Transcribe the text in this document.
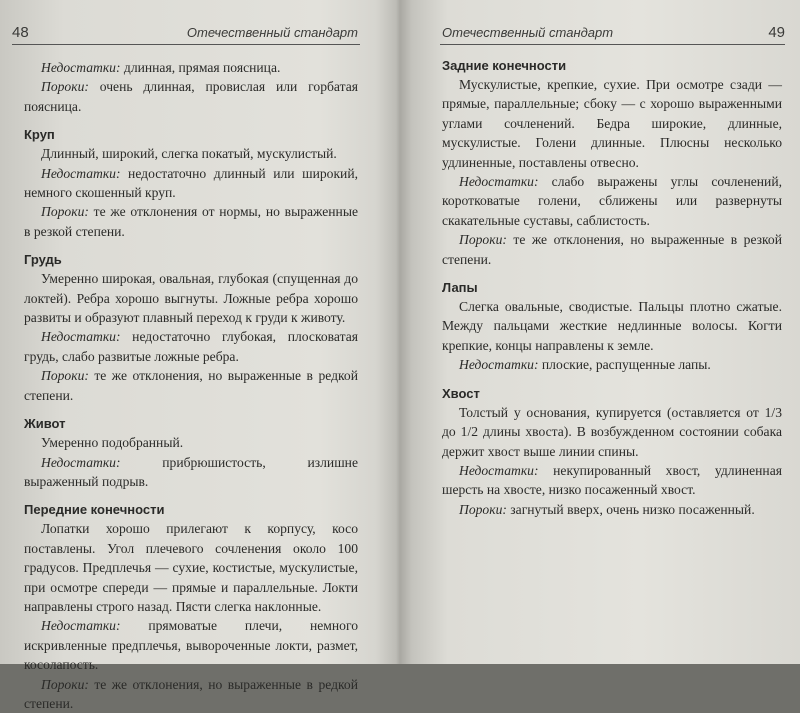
48	Отечественный стандарт

Недостатки: длинная, прямая поясница.

Пороки: очень длинная, провислая или горбатая поясница.

Круп

Длинный, широкий, слегка покатый, мускулистый.

Недостатки: недостаточно длинный или широкий, немного скошенный круп.

Пороки: те же отклонения от нормы, но выраженные в резкой степени.

Грудь

Умеренно широкая, овальная, глубокая (спущенная до локтей). Ребра хорошо выгнуты. Ложные ребра хорошо развиты и образуют плавный переход к груди к животу.

Недостатки: недостаточно глубокая, плосковатая грудь, слабо развитые ложные ребра.

Пороки: те же отклонения, но выраженные в редкой степени.

Живот

Умеренно подобранный.

Недостатки: прибрюшистость, излишне выраженный подрыв.

Передние конечности

Лопатки хорошо прилегают к корпусу, косо поставлены. Угол плечевого сочленения около 100 градусов. Предплечья — сухие, костистые, мускулистые, при осмотре спереди — прямые и параллельные. Локти направлены строго назад. Пясти слегка наклонные.

Недостатки: прямоватые плечи, немного искривленные предплечья, вывороченные локти, размет, косолапость.

Пороки: те же отклонения, но выраженные в редкой степени.

Отечественный стандарт	49
Задние конечности

Мускулистые, крепкие, сухие. При осмотре сзади — прямые, параллельные; сбоку — с хорошо выраженными углами сочленений. Бедра широкие, длинные, мускулистые. Голени длинные. Плюсны несколько удлиненные, поставлены отвесно.

Недостатки: слабо выражены углы сочленений, коротковатые голени, сближены или развернуты скакательные суставы, саблистость.

Пороки: те же отклонения, но выраженные в резкой степени.

Лапы

Слегка овальные, сводистые. Пальцы плотно сжатые. Между пальцами жесткие недлинные волосы. Когти крепкие, концы направлены к земле.

Недостатки: плоские, распущенные лапы.

Хвост

Толстый у основания, купируется (оставляется от 1/3 до 1/2 длины хвоста). В возбужденном состоянии собака держит хвост выше линии спины.

Недостатки: некупированный хвост, удлиненная шерсть на хвосте, низко посаженный хвост.

Пороки: загнутый вверх, очень низко посаженный.
